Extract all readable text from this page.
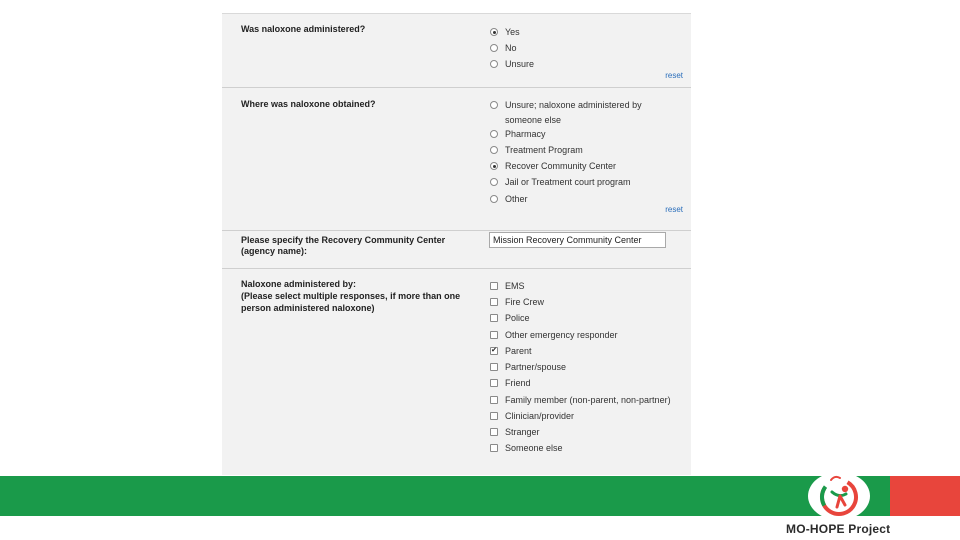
Was naloxone administered?	Yes
No
Unsure
reset
Where was naloxone obtained?	Unsure; naloxone administered by
someone else
Pharmacy
Treatment Program
Recover Community Center
Jail or Treatment court program
Other
reset
Please specify the Recovery Community Center
(agency name):
Mission Recovery Community Center
Naloxone administered by:
(Please select multiple responses, if more than one
person administered naloxone)
EMS
Fire Crew
Police
Other emergency responder
✔ Parent
Partner/spouse
Friend
Family member (non-parent, non-partner)
Clinician/provider
Stranger
Someone else
MO-HOPE Project
